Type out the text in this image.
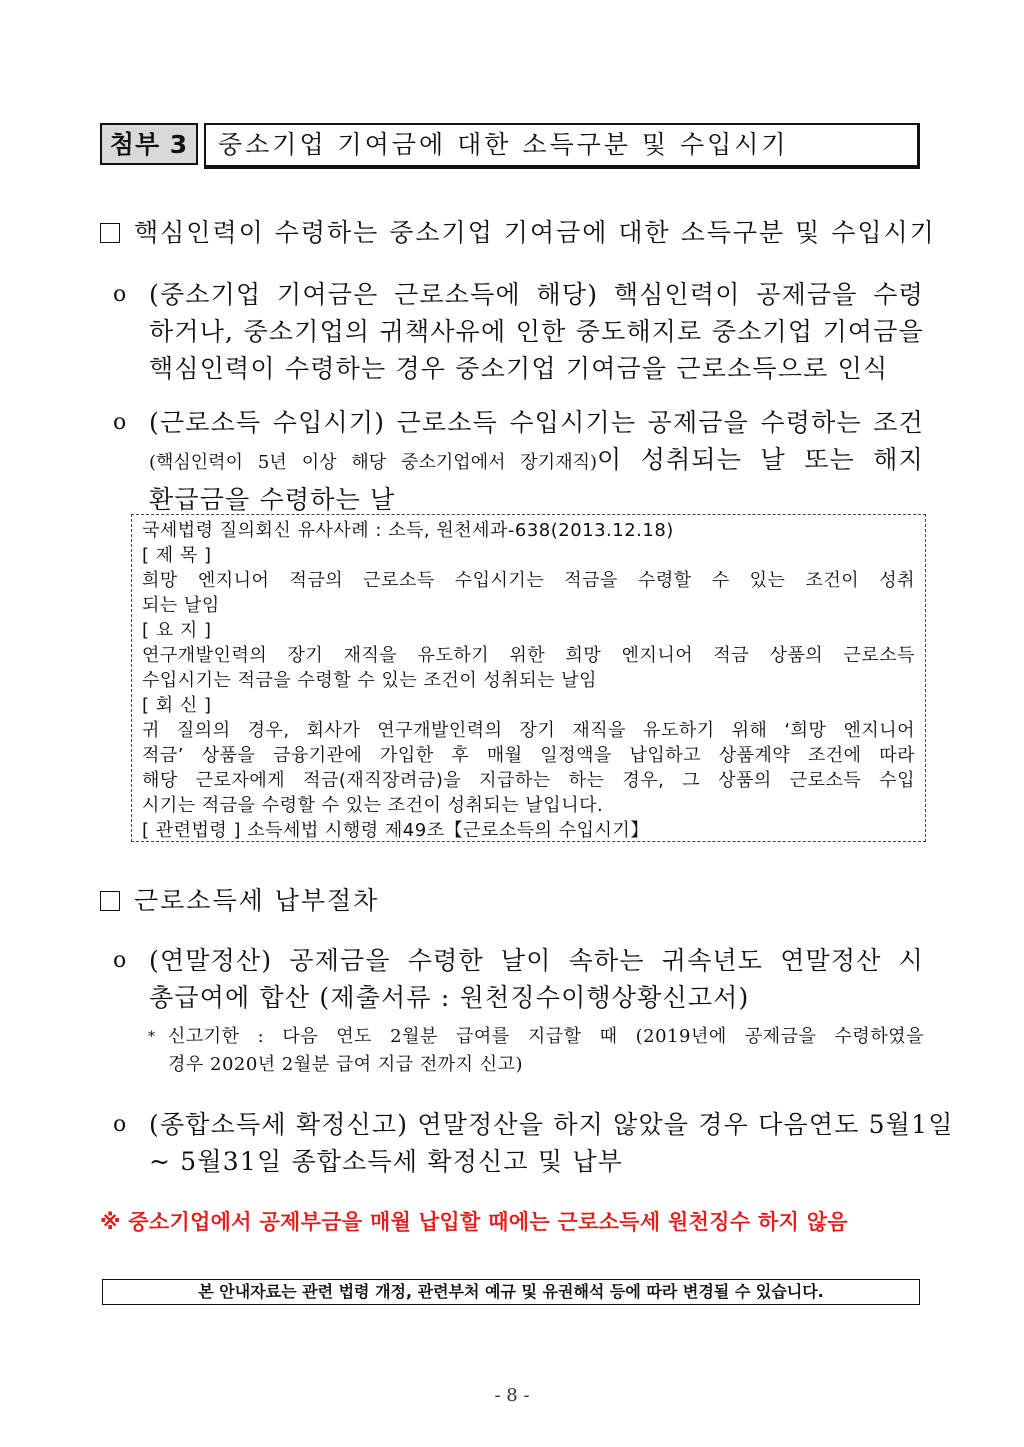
첨부 3	중소기업 기여금에 대한 소득구분 및 수입시기
핵심인력이 수령하는 중소기업 기여금에 대한 소득구분 및 수입시기
o (중소기업 기여금은 근로소득에 해당) 핵심인력이 공제금을 수령
하거나, 중소기업의 귀책사유에 인한 중도해지로 중소기업 기여금을
핵심인력이 수령하는 경우 중소기업 기여금을 근로소득으로 인식
o (근로소득 수입시기) 근로소득 수입시기는 공제금을 수령하는 조건
(핵심인력이 5년 이상 해당 중소기업에서 장기재직)이 성취되는 날 또는 해지
환급금을 수령하는 날
국세법령 질의회신 유사사례 : 소득, 원천세과-638(2013.12.18)
[ 제 목 ]
희망 엔지니어 적금의 근로소득 수입시기는 적금을 수령할 수 있는 조건이 성취
되는 날임
[ 요 지 ]
연구개발인력의 장기 재직을 유도하기 위한 희망 엔지니어 적금 상품의 근로소득
수입시기는 적금을 수령할 수 있는 조건이 성취되는 날임
[ 회 신 ]
귀 질의의 경우, 회사가 연구개발인력의 장기 재직을 유도하기 위해 ‘희망 엔지니어
적금’ 상품을 금융기관에 가입한 후 매월 일정액을 납입하고 상품계약 조건에 따라
해당 근로자에게 적금(재직장려금)을 지급하는 하는 경우, 그 상품의 근로소득 수입
시기는 적금을 수령할 수 있는 조건이 성취되는 날입니다.
[ 관련법령 ] 소득세법 시행령 제49조【근로소득의 수입시기】
근로소득세 납부절차
o (연말정산) 공제금을 수령한 날이 속하는 귀속년도 연말정산 시
총급여에 합산 (제출서류 : 원천징수이행상황신고서)
* 신고기한 : 다음 연도 2월분 급여를 지급할 때 (2019년에 공제금을 수령하였을
경우 2020년 2월분 급여 지급 전까지 신고)
o (종합소득세 확정신고) 연말정산을 하지 않았을 경우 다음연도 5월1일
~ 5월31일 종합소득세 확정신고 및 납부
※ 중소기업에서 공제부금을 매월 납입할 때에는 근로소득세 원천징수 하지 않음
본 안내자료는 관련 법령 개정, 관련부처 예규 및 유권해석 등에 따라 변경될 수 있습니다.
- 8 -
